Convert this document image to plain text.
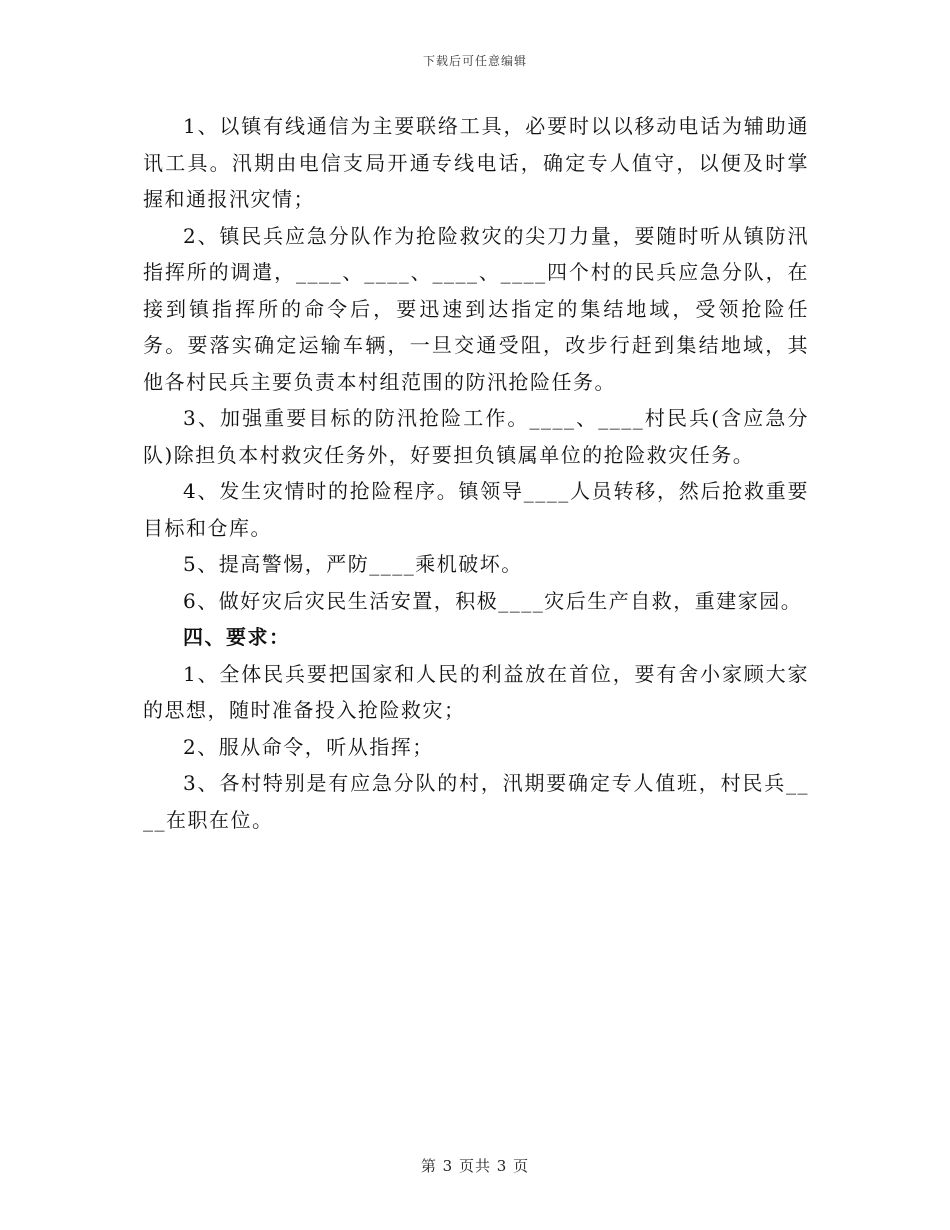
下载后可任意编辑

1、以镇有线通信为主要联络工具，必要时以以移动电话为辅助通讯工具。汛期由电信支局开通专线电话，确定专人值守，以便及时掌握和通报汛灾情；

2、镇民兵应急分队作为抢险救灾的尖刀力量，要随时听从镇防汛指挥所的调遣，____、____、____、____四个村的民兵应急分队，在接到镇指挥所的命令后，要迅速到达指定的集结地域，受领抢险任务。要落实确定运输车辆，一旦交通受阻，改步行赶到集结地域，其他各村民兵主要负责本村组范围的防汛抢险任务。

3、加强重要目标的防汛抢险工作。____、____村民兵(含应急分队)除担负本村救灾任务外，好要担负镇属单位的抢险救灾任务。

4、发生灾情时的抢险程序。镇领导____人员转移，然后抢救重要目标和仓库。

5、提高警惕，严防____乘机破坏。

6、做好灾后灾民生活安置，积极____灾后生产自救，重建家园。

四、要求：

1、全体民兵要把国家和人民的利益放在首位，要有舍小家顾大家的思想，随时准备投入抢险救灾；

2、服从命令，听从指挥；

3、各村特别是有应急分队的村，汛期要确定专人值班，村民兵____在职在位。

第 3 页共 3 页
